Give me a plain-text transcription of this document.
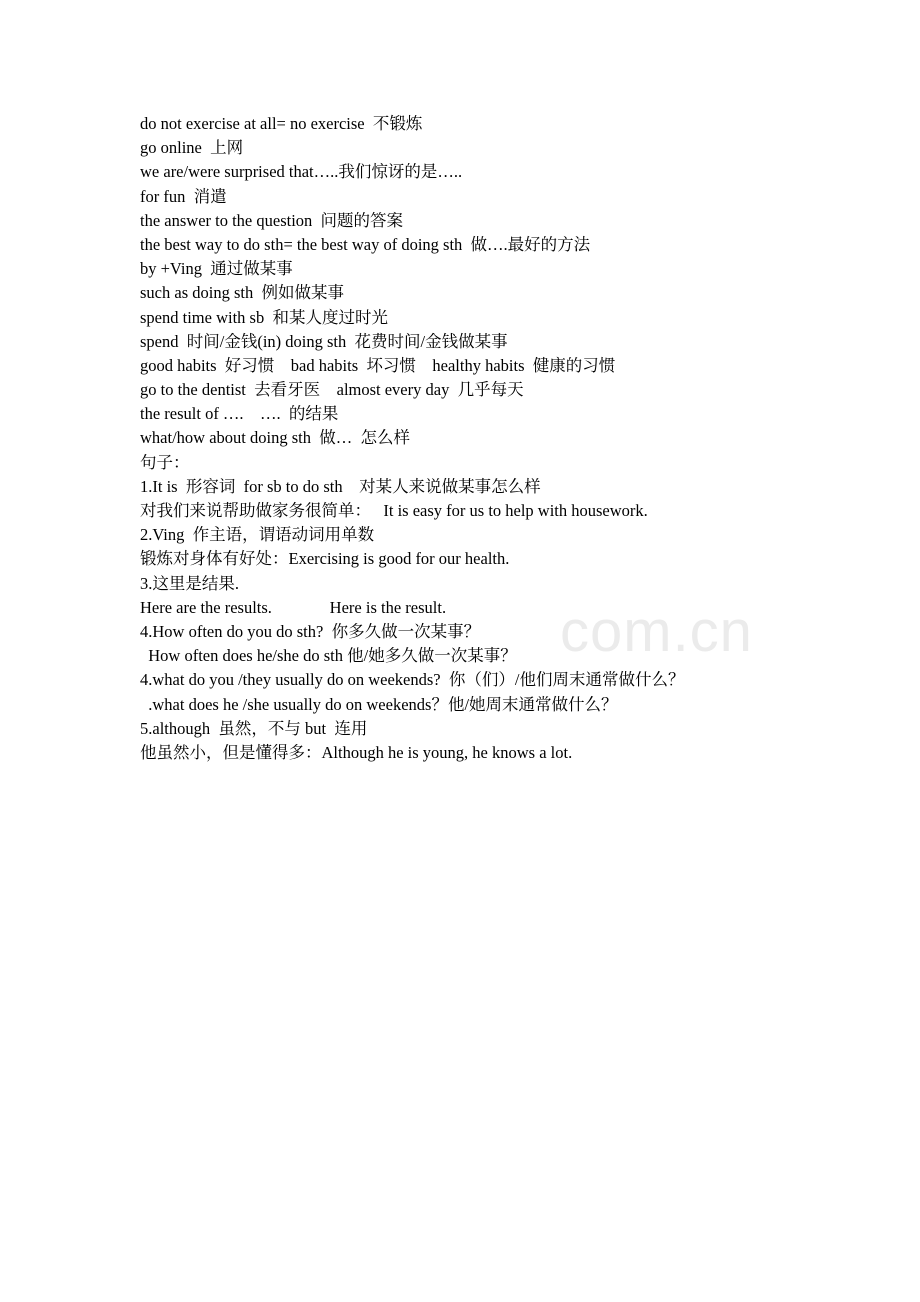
com.cn
do not exercise at all= no exercise  不锻炼
go online  上网
we are/were surprised that…..我们惊讶的是…..
for fun  消遣
the answer to the question  问题的答案
the best way to do sth= the best way of doing sth  做….最好的方法
by +Ving  通过做某事
such as doing sth  例如做某事
spend time with sb  和某人度过时光
spend  时间/金钱(in) doing sth  花费时间/金钱做某事
good habits  好习惯    bad habits  坏习惯    healthy habits  健康的习惯
go to the dentist  去看牙医    almost every day  几乎每天
the result of ….    ….  的结果
what/how about doing sth  做…  怎么样
句子：
1.It is  形容词  for sb to do sth    对某人来说做某事怎么样
对我们来说帮助做家务很简单：   It is easy for us to help with housework.
2.Ving  作主语，谓语动词用单数
锻炼对身体有好处：Exercising is good for our health.
3.这里是结果.
Here are the results.              Here is the result.
4.How often do you do sth?  你多久做一次某事？
How often does he/she do sth 他/她多久做一次某事？
4.what do you /they usually do on weekends?  你（们）/他们周末通常做什么？
.what does he /she usually do on weekends？他/她周末通常做什么？
5.although  虽然，不与 but  连用
他虽然小，但是懂得多：Although he is young, he knows a lot.
